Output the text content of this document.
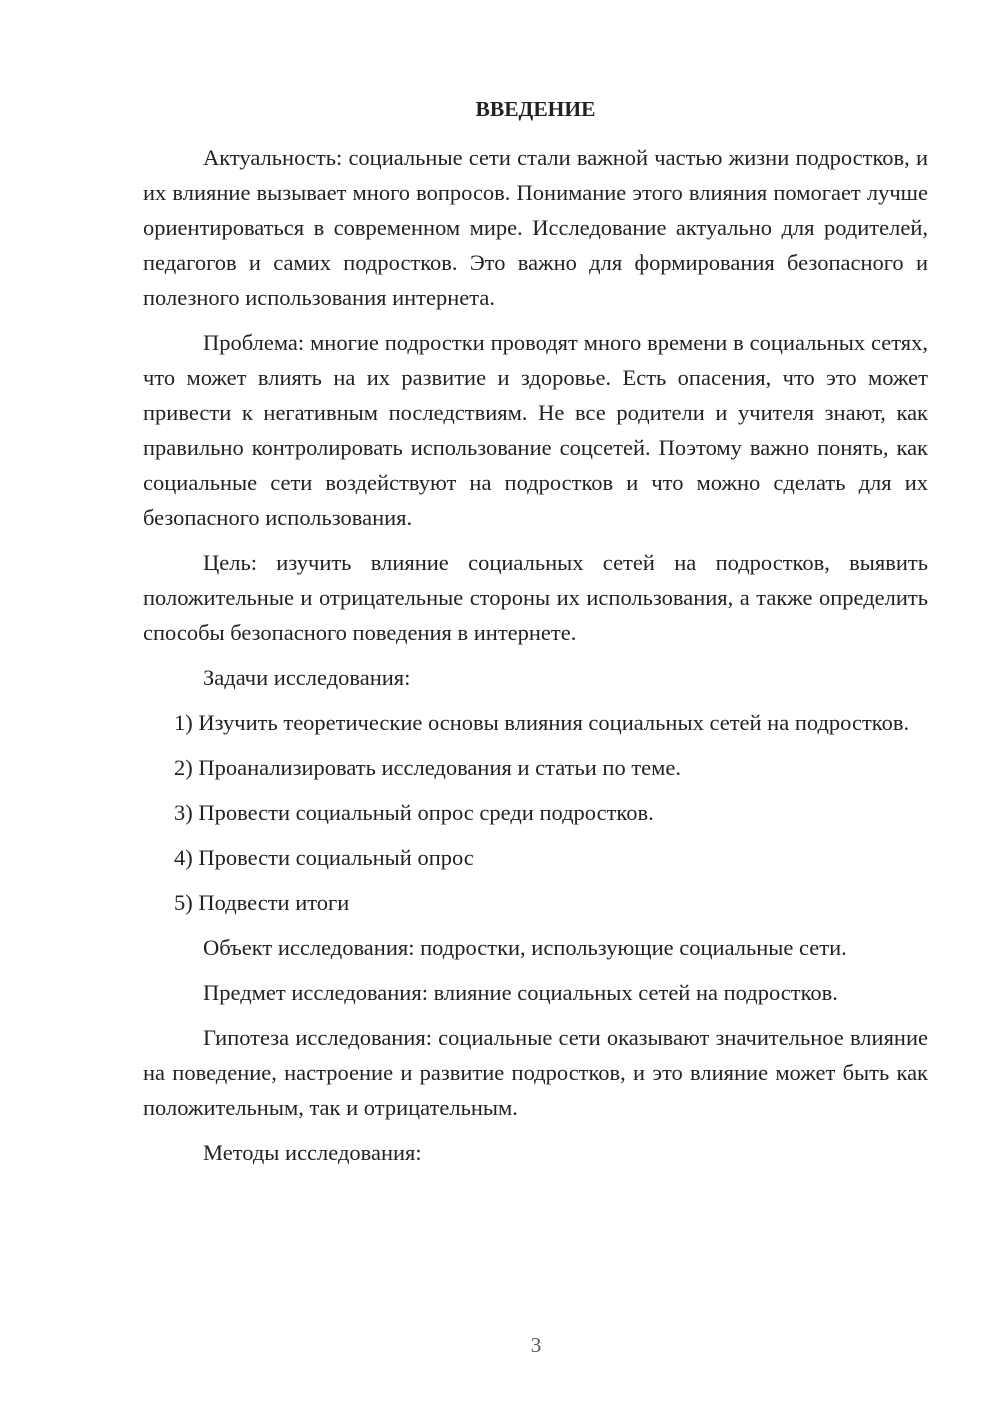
ВВЕДЕНИЕ

Актуальность: социальные сети стали важной частью жизни подростков, и их влияние вызывает много вопросов. Понимание этого влияния помогает лучше ориентироваться в современном мире. Исследование актуально для родителей, педагогов и самих подростков. Это важно для формирования безопасного и полезного использования интернета.

Проблема: многие подростки проводят много времени в социальных сетях, что может влиять на их развитие и здоровье. Есть опасения, что это может привести к негативным последствиям. Не все родители и учителя знают, как правильно контролировать использование соцсетей. Поэтому важно понять, как социальные сети воздействуют на подростков и что можно сделать для их безопасного использования.

Цель: изучить влияние социальных сетей на подростков, выявить положительные и отрицательные стороны их использования, а также определить способы безопасного поведения в интернете.

Задачи исследования:

1) Изучить теоретические основы влияния социальных сетей на подростков.

2) Проанализировать исследования и статьи по теме.

3) Провести социальный опрос среди подростков.

4) Провести социальный опрос

5) Подвести итоги

Объект исследования: подростки, использующие социальные сети.

Предмет исследования: влияние социальных сетей на подростков.

Гипотеза исследования: социальные сети оказывают значительное влияние на поведение, настроение и развитие подростков, и это влияние может быть как положительным, так и отрицательным.

Методы исследования:

3
